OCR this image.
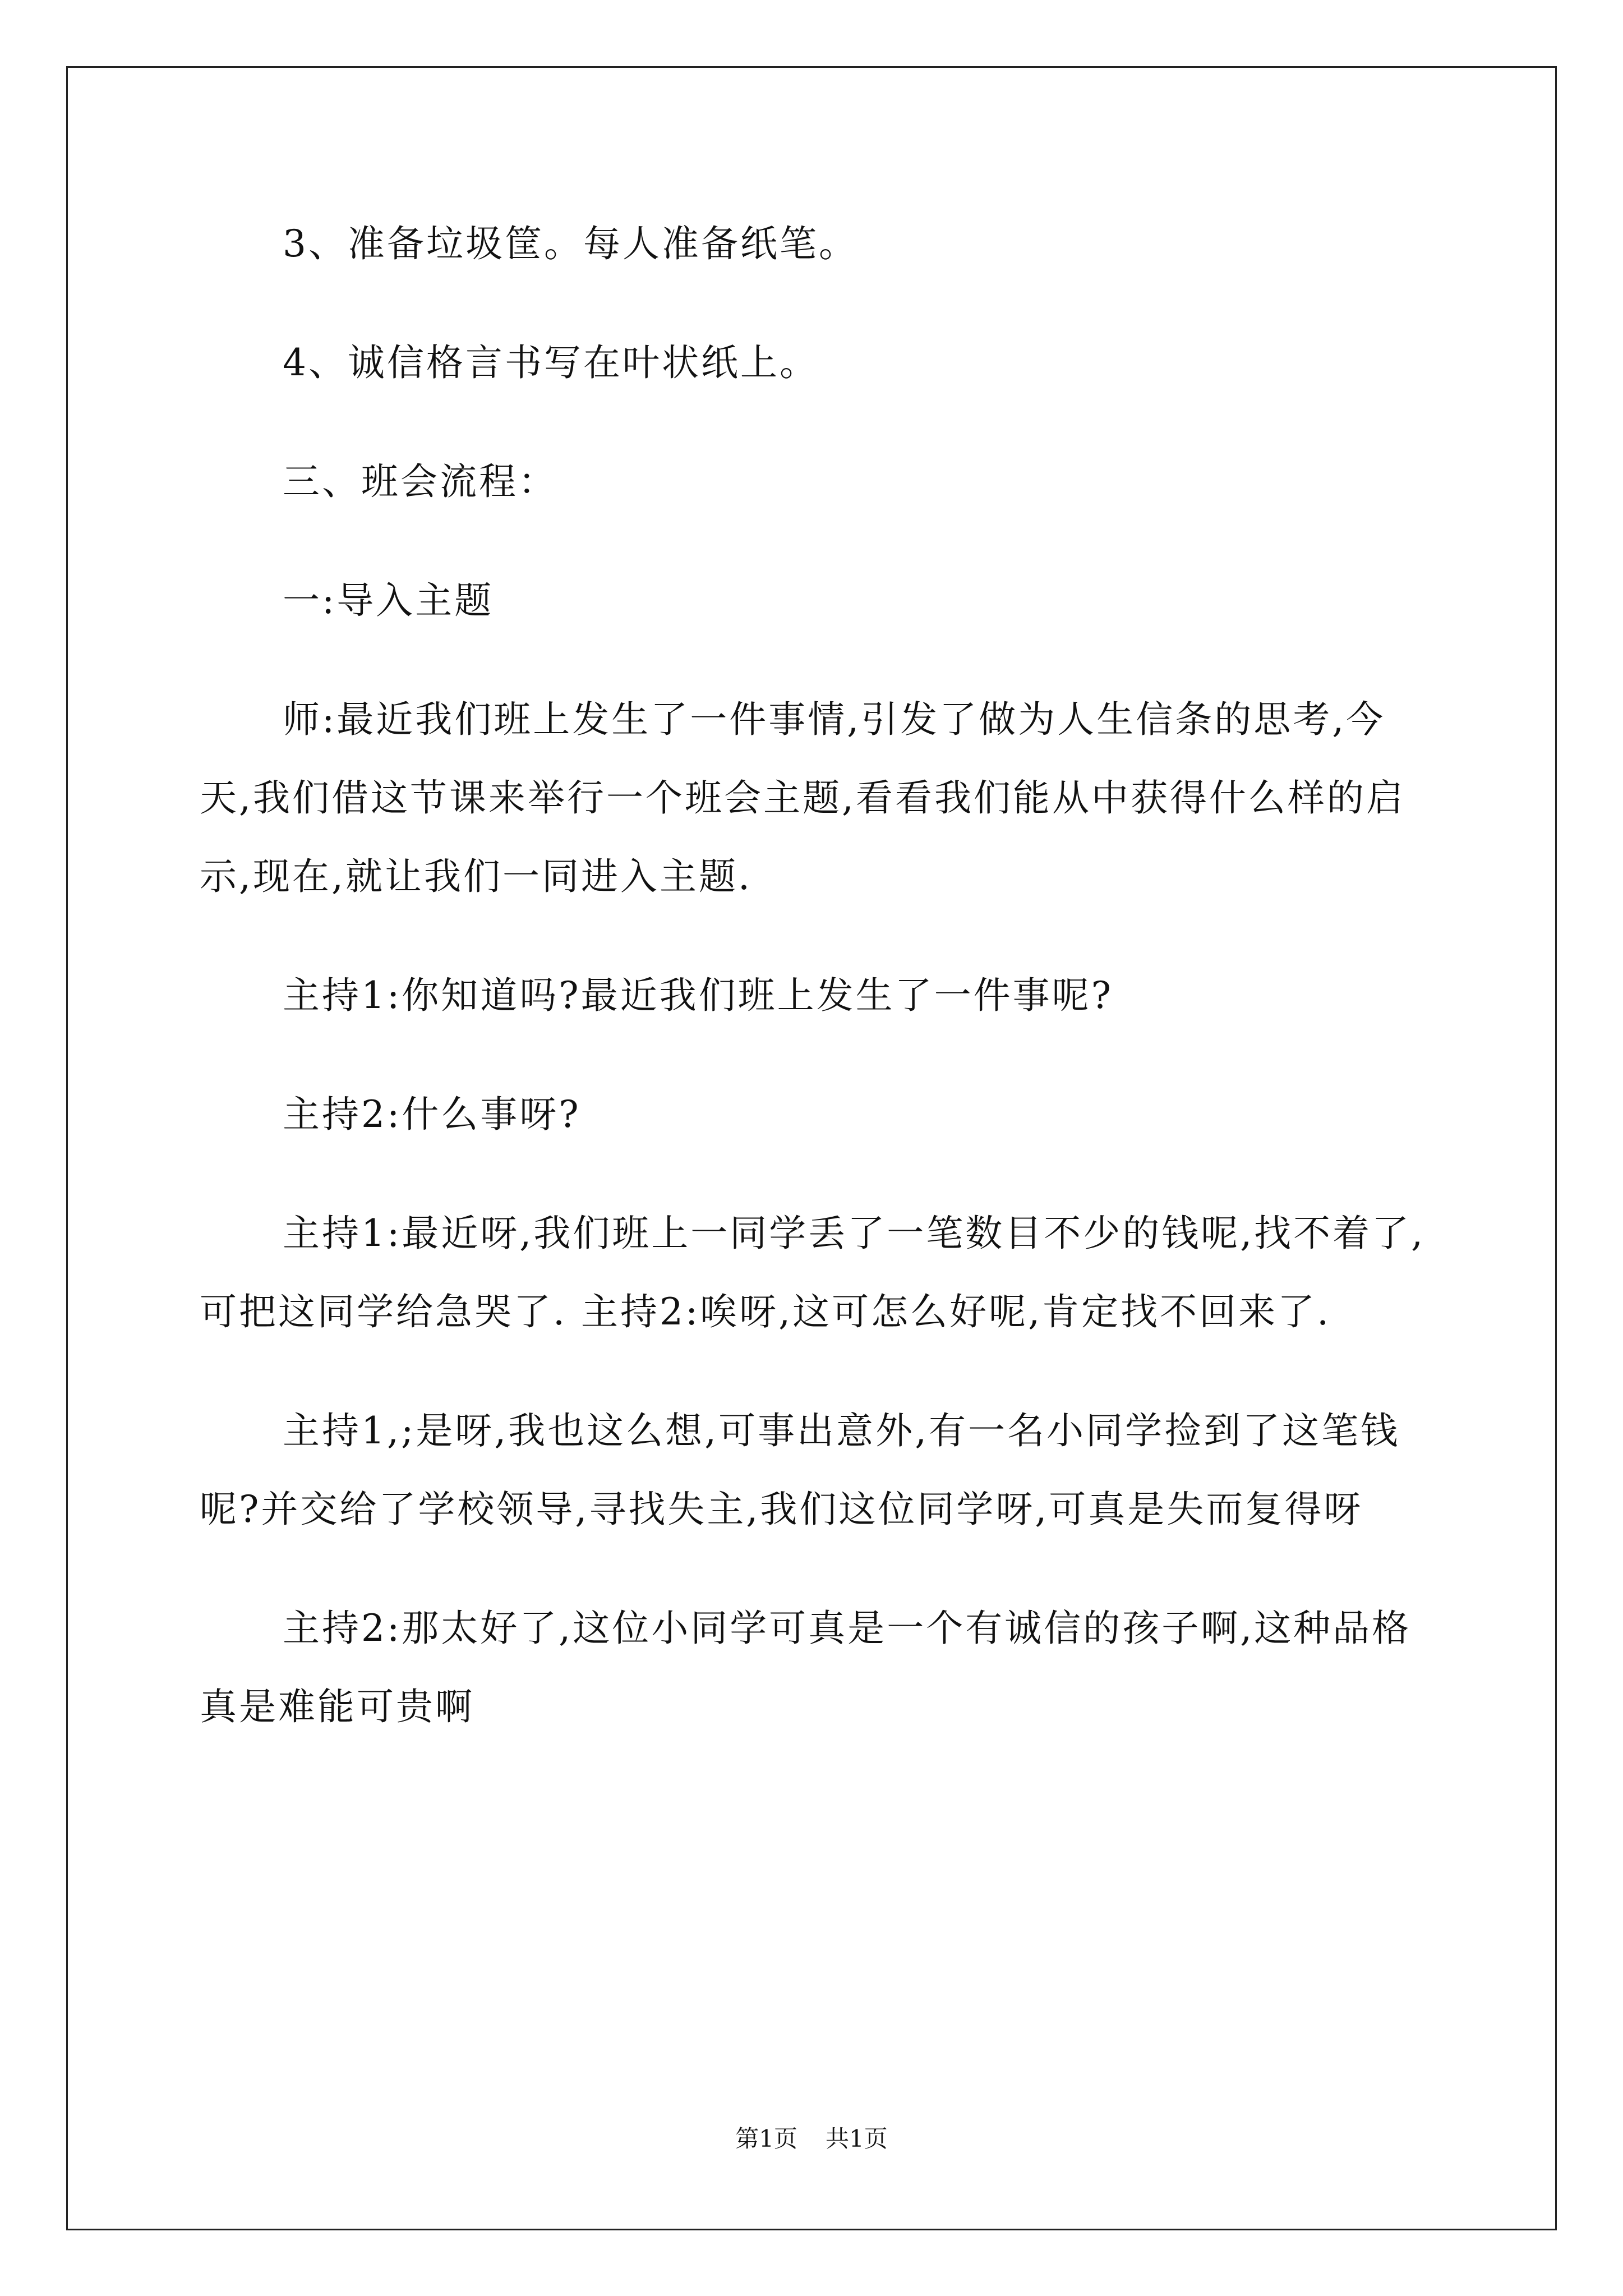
3、准备垃圾筐。每人准备纸笔。

4、诚信格言书写在叶状纸上。

三、班会流程：

一:导入主题

师:最近我们班上发生了一件事情,引发了做为人生信条的思考,今天,我们借这节课来举行一个班会主题,看看我们能从中获得什么样的启示,现在,就让我们一同进入主题.

主持1:你知道吗?最近我们班上发生了一件事呢?

主持2:什么事呀?

主持1:最近呀,我们班上一同学丢了一笔数目不少的钱呢,找不着了,可把这同学给急哭了. 主持2:唉呀,这可怎么好呢,肯定找不回来了.

主持1,;是呀,我也这么想,可事出意外,有一名小同学捡到了这笔钱呢?并交给了学校领导,寻找失主,我们这位同学呀,可真是失而复得呀

主持2:那太好了,这位小同学可真是一个有诚信的孩子啊,这种品格真是难能可贵啊

第1页 共1页
